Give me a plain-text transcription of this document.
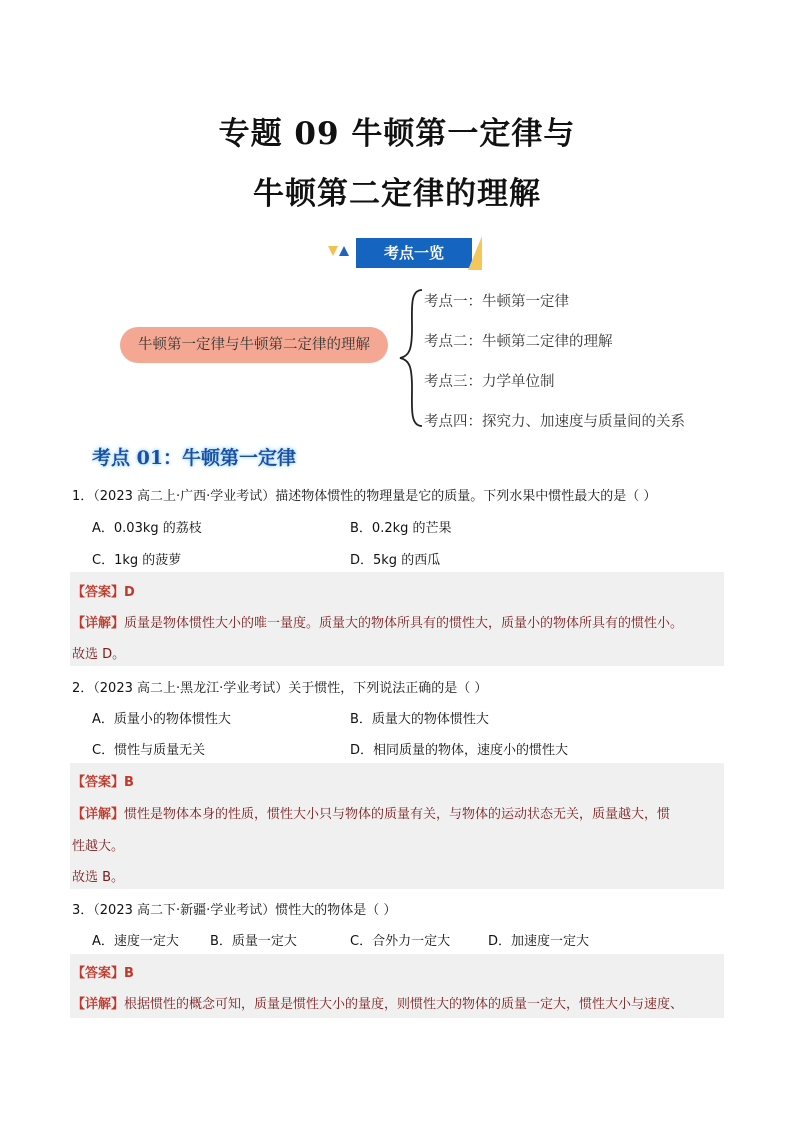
专题 09 牛顿第一定律与
牛顿第二定律的理解
考点一览
牛顿第一定律与牛顿第二定律的理解
考点一：牛顿第一定律
考点二：牛顿第二定律的理解
考点三：力学单位制
考点四：探究力、加速度与质量间的关系
考点 01：牛顿第一定律
1．（2023 高二上·广西·学业考试）描述物体惯性的物理量是它的质量。下列水果中惯性最大的是（ ）
A．0.03kg 的荔枝	B．0.2kg 的芒果
C．1kg 的菠萝	D．5kg 的西瓜
【答案】D
【详解】质量是物体惯性大小的唯一量度。质量大的物体所具有的惯性大，质量小的物体所具有的惯性小。
故选 D。
2．（2023 高二上·黑龙江·学业考试）关于惯性，下列说法正确的是（ ）
A．质量小的物体惯性大	B．质量大的物体惯性大
C．惯性与质量无关	D．相同质量的物体，速度小的惯性大
【答案】B
【详解】惯性是物体本身的性质，惯性大小只与物体的质量有关，与物体的运动状态无关，质量越大，惯
性越大。
故选 B。
3．（2023 高二下·新疆·学业考试）惯性大的物体是（ ）
A．速度一定大 B．质量一定大	C．合外力一定大	D．加速度一定大
【答案】B
【详解】根据惯性的概念可知，质量是惯性大小的量度，则惯性大的物体的质量一定大，惯性大小与速度、
